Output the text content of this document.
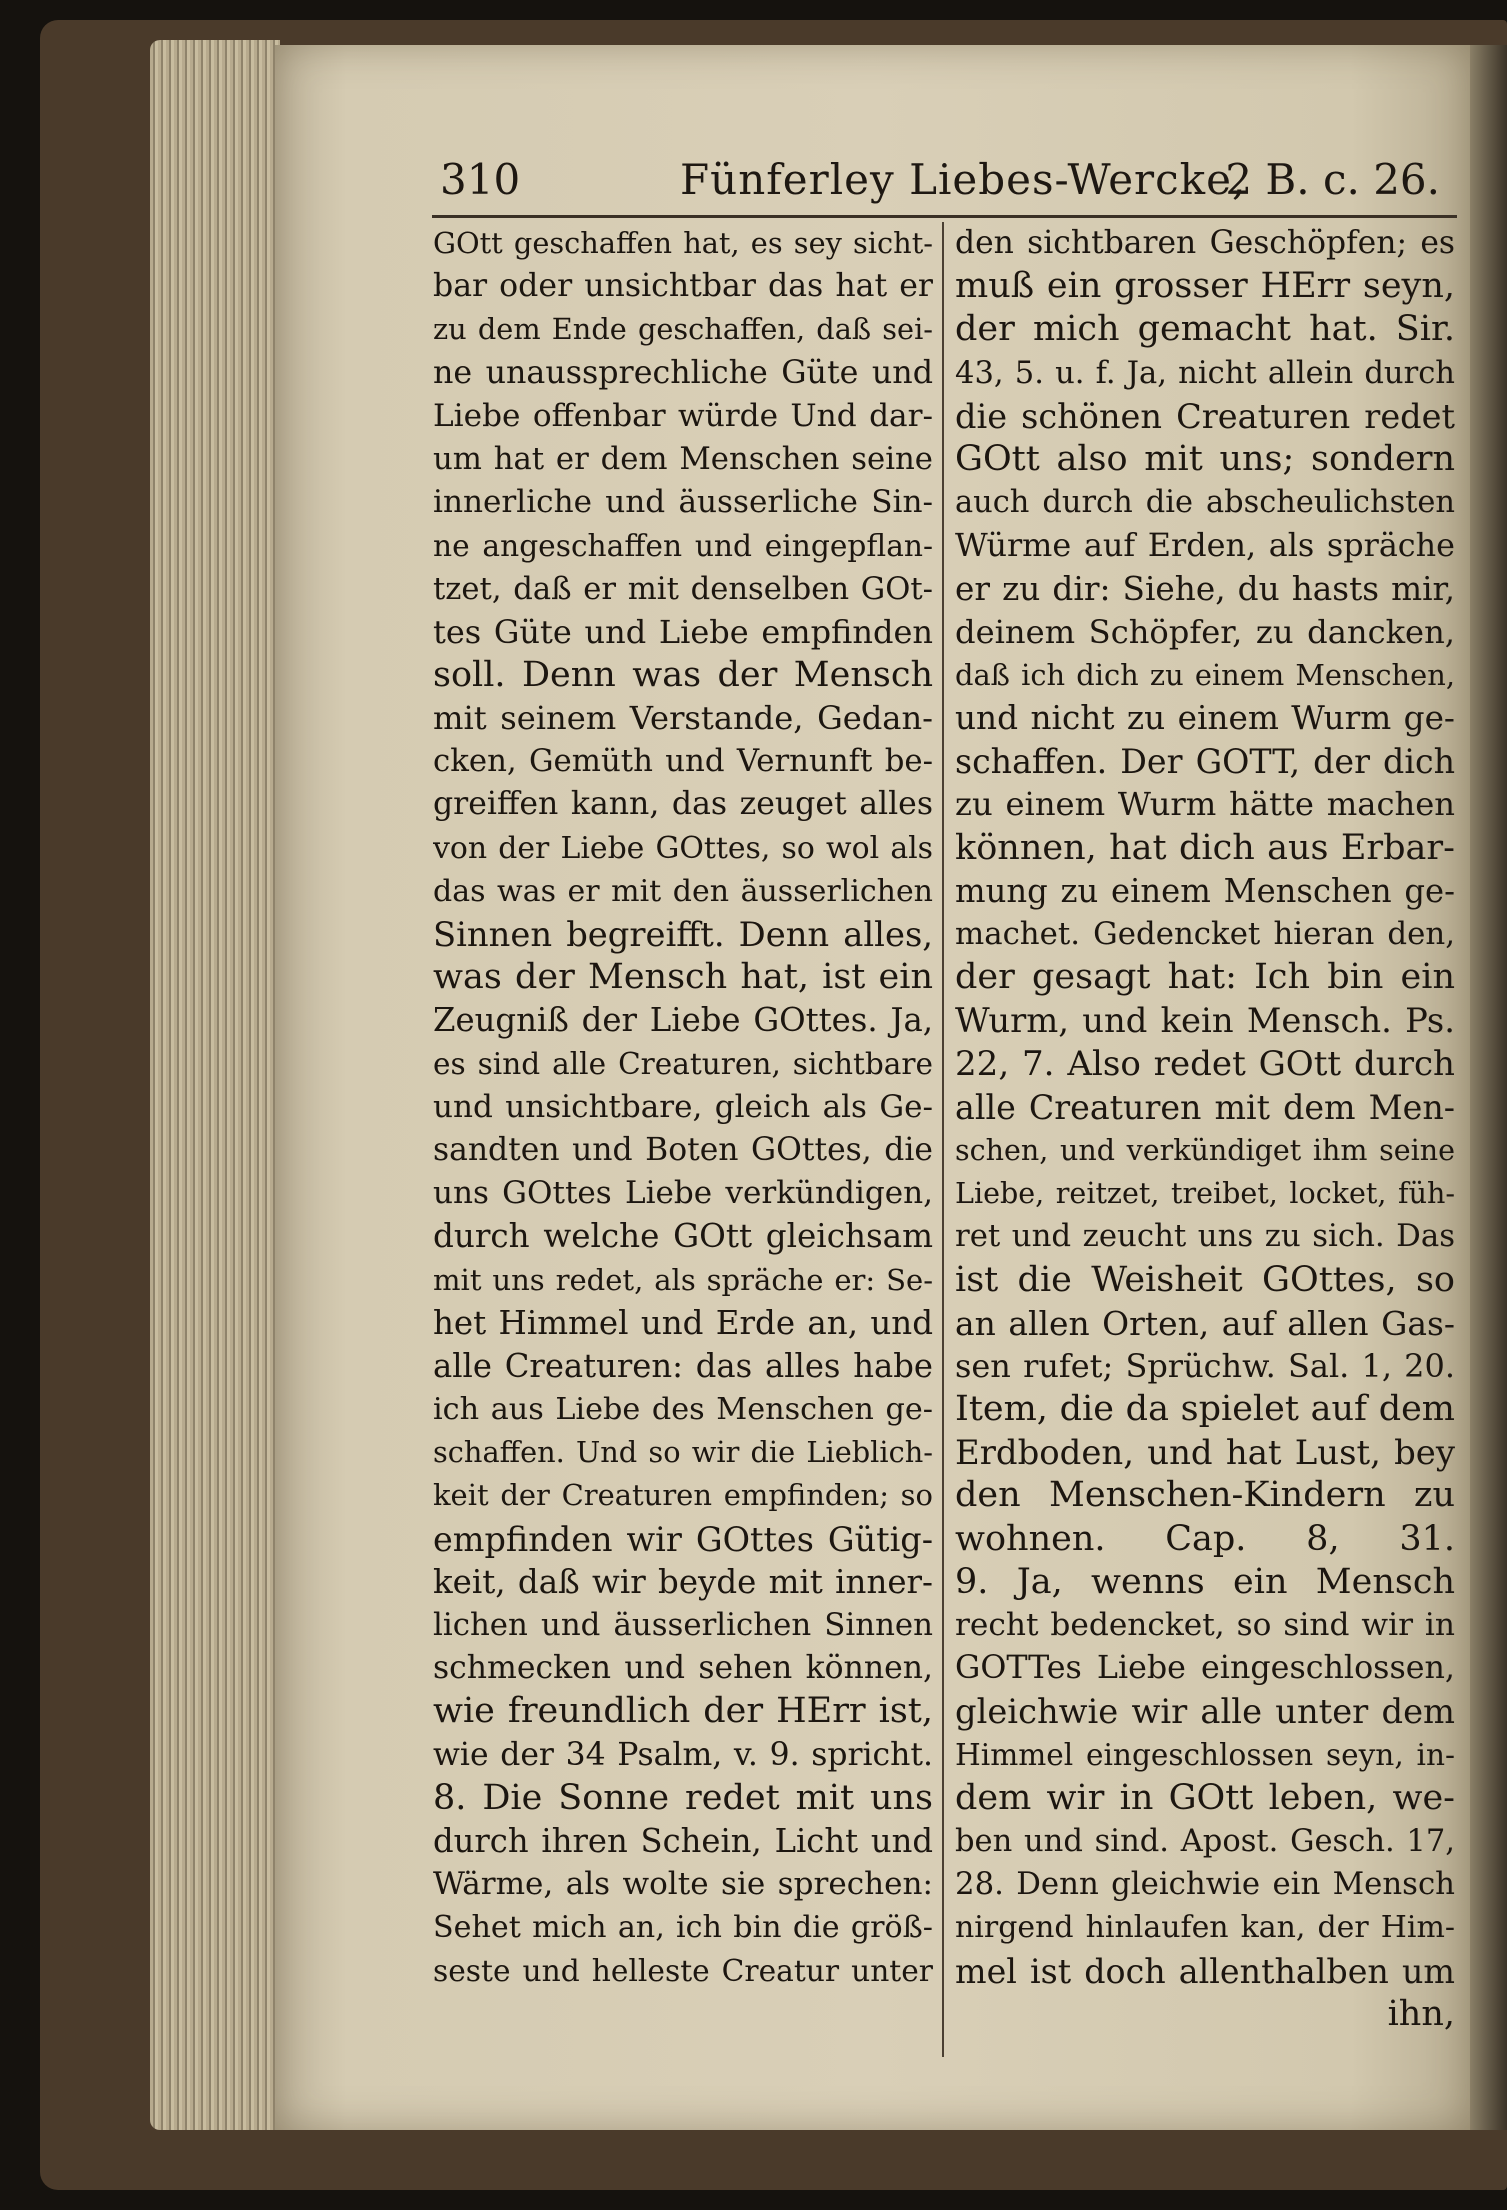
310	Fünferley Liebes-Wercke,
2 B. c. 26.
GOtt geschaffen hat, es sey sicht-
bar oder unsichtbar das hat er
zu dem Ende geschaffen, daß sei-
ne unaussprechliche Güte und
Liebe offenbar würde Und dar-
um hat er dem Menschen seine
innerliche und äusserliche Sin-
ne angeschaffen und eingepflan-
tzet, daß er mit denselben GOt-
tes Güte und Liebe empfinden
soll. Denn was der Mensch
mit seinem Verstande, Gedan-
cken, Gemüth und Vernunft be-
greiffen kann, das zeuget alles
von der Liebe GOttes, so wol als
das was er mit den äusserlichen
Sinnen begreifft. Denn alles,
was der Mensch hat, ist ein
Zeugniß der Liebe GOttes. Ja,
es sind alle Creaturen, sichtbare
und unsichtbare, gleich als Ge-
sandten und Boten GOttes, die
uns GOttes Liebe verkündigen,
durch welche GOtt gleichsam
mit uns redet, als spräche er: Se-
het Himmel und Erde an, und
alle Creaturen: das alles habe
ich aus Liebe des Menschen ge-
schaffen. Und so wir die Lieblich-
keit der Creaturen empfinden; so
empfinden wir GOttes Gütig-
keit, daß wir beyde mit inner-
lichen und äusserlichen Sinnen
schmecken und sehen können,
wie freundlich der HErr ist,
wie der 34 Psalm, v. 9. spricht.
8. Die Sonne redet mit uns
durch ihren Schein, Licht und
Wärme, als wolte sie sprechen:
Sehet mich an, ich bin die größ-
seste und helleste Creatur unter
den sichtbaren Geschöpfen; es
muß ein grosser HErr seyn,
der mich gemacht hat. Sir.
43, 5. u. f. Ja, nicht allein durch
die schönen Creaturen redet
GOtt also mit uns; sondern
auch durch die abscheulichsten
Würme auf Erden, als spräche
er zu dir: Siehe, du hasts mir,
deinem Schöpfer, zu dancken,
daß ich dich zu einem Menschen,
und nicht zu einem Wurm ge-
schaffen. Der GOTT, der dich
zu einem Wurm hätte machen
können, hat dich aus Erbar-
mung zu einem Menschen ge-
machet. Gedencket hieran den,
der gesagt hat: Ich bin ein
Wurm, und kein Mensch. Ps.
22, 7. Also redet GOtt durch
alle Creaturen mit dem Men-
schen, und verkündiget ihm seine
Liebe, reitzet, treibet, locket, füh-
ret und zeucht uns zu sich. Das
ist die Weisheit GOttes, so
an allen Orten, auf allen Gas-
sen rufet; Sprüchw. Sal. 1, 20.
Item, die da spielet auf dem
Erdboden, und hat Lust, bey
den Menschen-Kindern zu
wohnen. Cap. 8, 31.
9. Ja, wenns ein Mensch
recht bedencket, so sind wir in
GOTTes Liebe eingeschlossen,
gleichwie wir alle unter dem
Himmel eingeschlossen seyn, in-
dem wir in GOtt leben, we-
ben und sind. Apost. Gesch. 17,
28. Denn gleichwie ein Mensch
nirgend hinlaufen kan, der Him-
mel ist doch allenthalben um
ihn,
